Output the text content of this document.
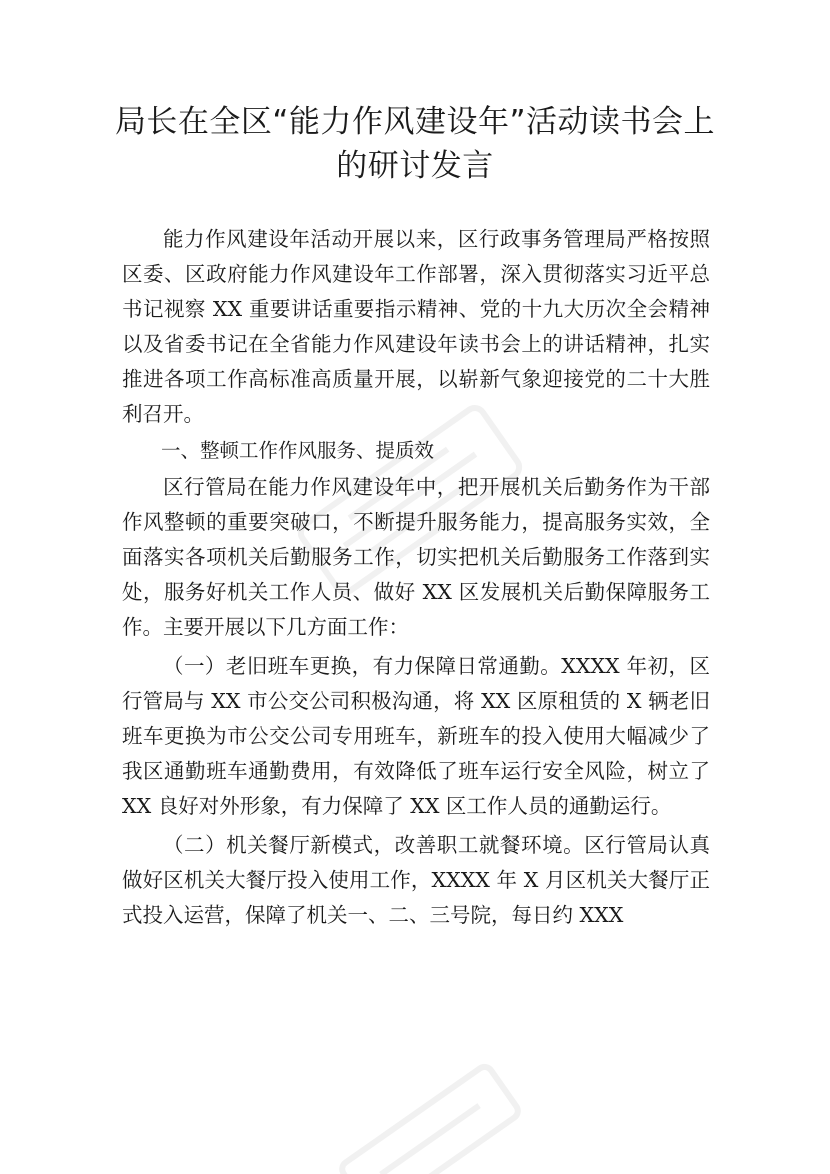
局长在全区“能力作风建设年”活动读书会上的研讨发言

能力作风建设年活动开展以来，区行政事务管理局严格按照区委、区政府能力作风建设年工作部署，深入贯彻落实习近平总书记视察 XX 重要讲话重要指示精神、党的十九大历次全会精神以及省委书记在全省能力作风建设年读书会上的讲话精神，扎实推进各项工作高标准高质量开展，以崭新气象迎接党的二十大胜利召开。

一、整顿工作作风服务、提质效

区行管局在能力作风建设年中，把开展机关后勤务作为干部作风整顿的重要突破口，不断提升服务能力，提高服务实效，全面落实各项机关后勤服务工作，切实把机关后勤服务工作落到实处，服务好机关工作人员、做好 XX 区发展机关后勤保障服务工作。主要开展以下几方面工作：

（一）老旧班车更换，有力保障日常通勤。XXXX 年初，区行管局与 XX 市公交公司积极沟通，将 XX 区原租赁的 X 辆老旧班车更换为市公交公司专用班车，新班车的投入使用大幅减少了我区通勤班车通勤费用，有效降低了班车运行安全风险，树立了 XX 良好对外形象，有力保障了 XX 区工作人员的通勤运行。

（二）机关餐厅新模式，改善职工就餐环境。区行管局认真做好区机关大餐厅投入使用工作，XXXX 年 X 月区机关大餐厅正式投入运营，保障了机关一、二、三号院，每日约 XXX
